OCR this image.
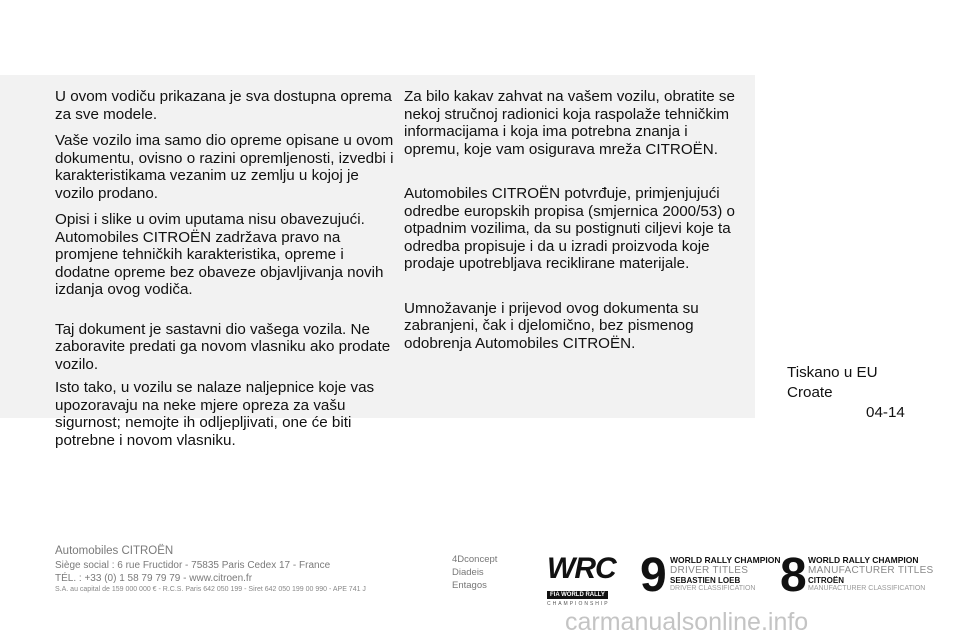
U ovom vodiču prikazana je sva dostupna oprema za sve modele.

Vaše vozilo ima samo dio opreme opisane u ovom dokumentu, ovisno o razini opremljenosti, izvedbi i karakteristikama vezanim uz zemlju u kojoj je vozilo prodano.

Opisi i slike u ovim uputama nisu obavezujući. Automobiles CITROËN zadržava pravo na promjene tehničkih karakteristika, opreme i dodatne opreme bez obaveze objavljivanja novih izdanja ovog vodiča.

Taj dokument je sastavni dio vašega vozila. Ne zaboravite predati ga novom vlasniku ako prodate vozilo.

Isto tako, u vozilu se nalaze naljepnice koje vas upozoravaju na neke mjere opreza za vašu sigurnost; nemojte ih odljepljivati, one će biti potrebne i novom vlasniku.

Za bilo kakav zahvat na vašem vozilu, obratite se nekoj stručnoj radionici koja raspolaže tehničkim informacijama i koja ima potrebna znanja i opremu, koje vam osigurava mreža CITROËN.

Automobiles CITROËN potvrđuje, primjenjujući odredbe europskih propisa (smjernica 2000/53) o otpadnim vozilima, da su postignuti ciljevi koje ta odredba propisuje i da u izradi proizvoda koje prodaje upotrebljava reciklirane materijale.

Umnožavanje i prijevod ovog dokumenta su zabranjeni, čak i djelomično, bez pismenog odobrenja Automobiles CITROËN.

Tiskano u EU
Croate
04-14
Automobiles CITROËN
Siège social : 6 rue Fructidor - 75835 Paris Cedex 17 - France
TÉL. : +33 (0) 1 58 79 79 79 - www.citroen.fr
S.A. au capital de 159 000 000 € - R.C.S. Paris 642 050 199 - Siret 642 050 199 00 990 - APE 741 J
4Dconcept
Diadeis
Entagos
WRC
FIA WORLD RALLY
CHAMPIONSHIP
9 WORLD RALLY CHAMPION
DRIVER TITLES
SEBASTIEN LOEB
DRIVER CLASSIFICATION 8 WORLD RALLY CHAMPION
MANUFACTURER TITLES
CITROËN
MANUFACTURER CLASSIFICATION
carmanualsonline.info
